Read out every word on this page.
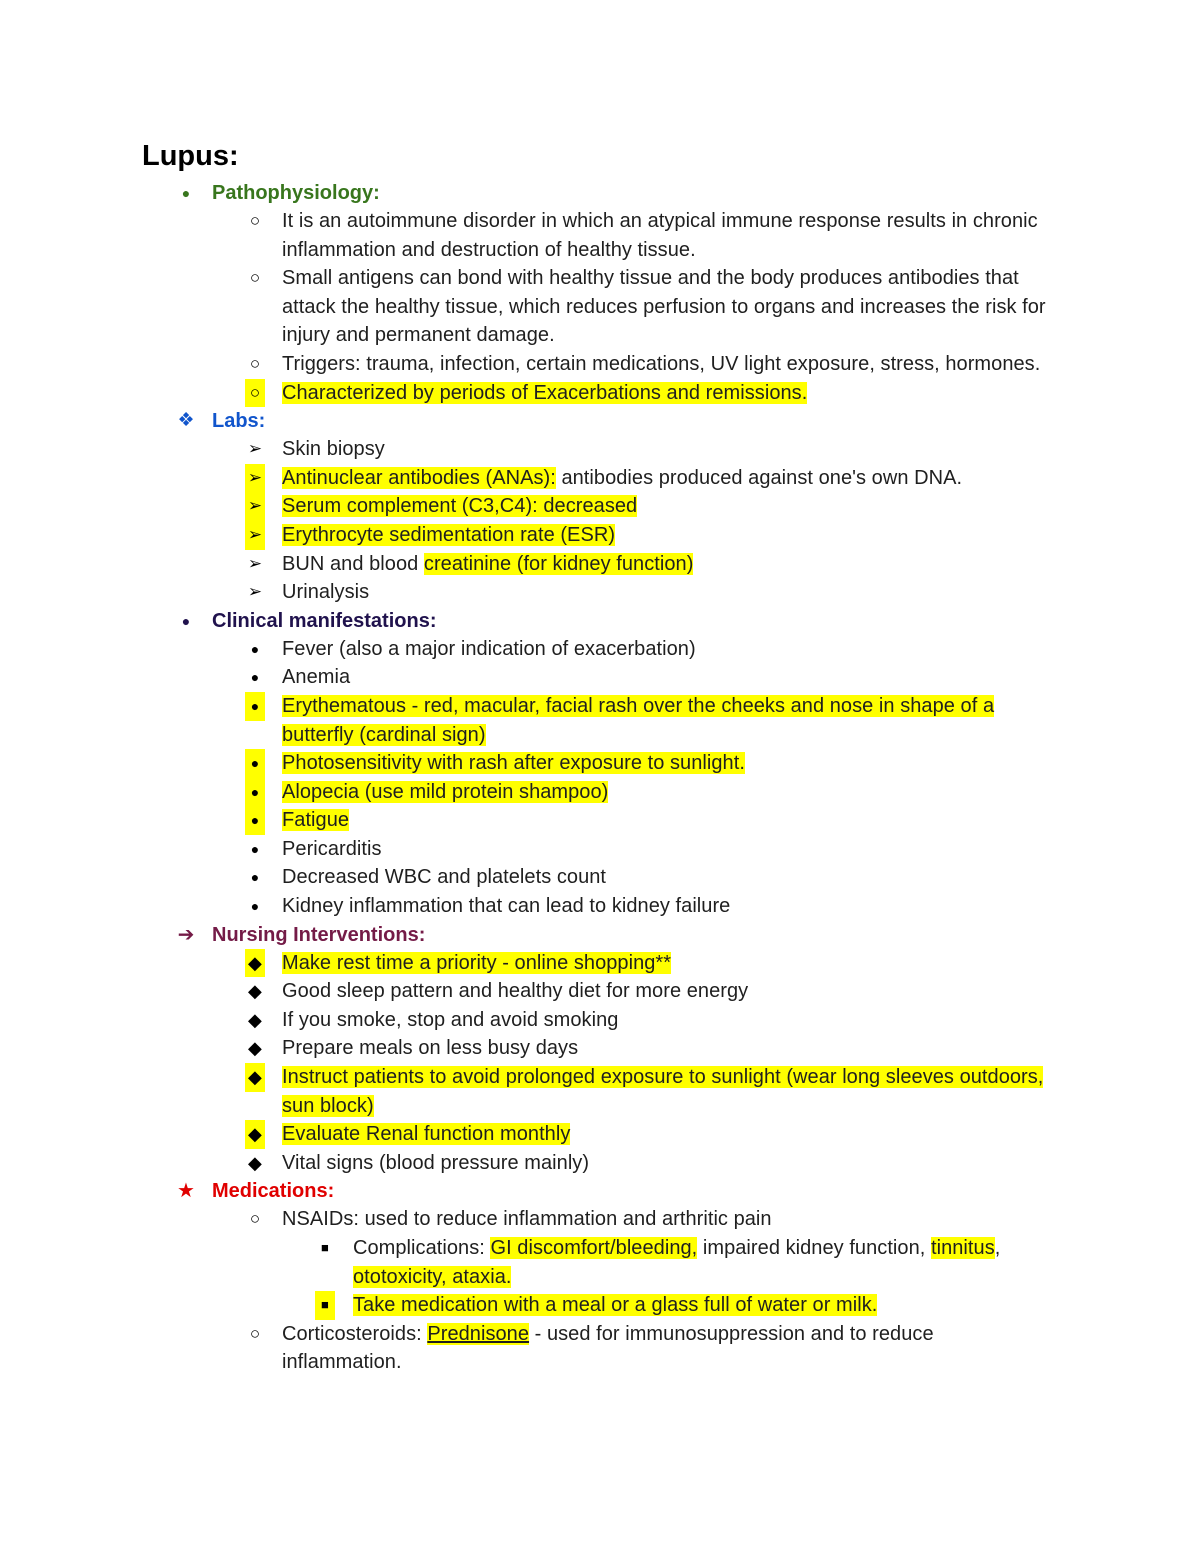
Lupus:
● Pathophysiology:
○ It is an autoimmune disorder in which an atypical immune response results in chronic inflammation and destruction of healthy tissue.
○ Small antigens can bond with healthy tissue and the body produces antibodies that attack the healthy tissue, which reduces perfusion to organs and increases the risk for injury and permanent damage.
○ Triggers: trauma, infection, certain medications, UV light exposure, stress, hormones.
○ Characterized by periods of Exacerbations and remissions.
❖ Labs:
➢ Skin biopsy
➢ Antinuclear antibodies (ANAs): antibodies produced against one's own DNA.
➢ Serum complement (C3,C4): decreased
➢ Erythrocyte sedimentation rate (ESR)
➢ BUN and blood creatinine (for kidney function)
➢ Urinalysis
● Clinical manifestations:
● Fever (also a major indication of exacerbation)
● Anemia
● Erythematous - red, macular, facial rash over the cheeks and nose in shape of a butterfly (cardinal sign)
● Photosensitivity with rash after exposure to sunlight.
● Alopecia (use mild protein shampoo)
● Fatigue
● Pericarditis
● Decreased WBC and platelets count
● Kidney inflammation that can lead to kidney failure
➔ Nursing Interventions:
◆ Make rest time a priority - online shopping**
◆ Good sleep pattern and healthy diet for more energy
◆ If you smoke, stop and avoid smoking
◆ Prepare meals on less busy days
◆ Instruct patients to avoid prolonged exposure to sunlight (wear long sleeves outdoors, sun block)
◆ Evaluate Renal function monthly
◆ Vital signs (blood pressure mainly)
★ Medications:
○ NSAIDs: used to reduce inflammation and arthritic pain
■	Complications: GI discomfort/bleeding, impaired kidney function, tinnitus, ototoxicity, ataxia.
■	Take medication with a meal or a glass full of water or milk.
○ Corticosteroids: Prednisone - used for immunosuppression and to reduce inflammation.
